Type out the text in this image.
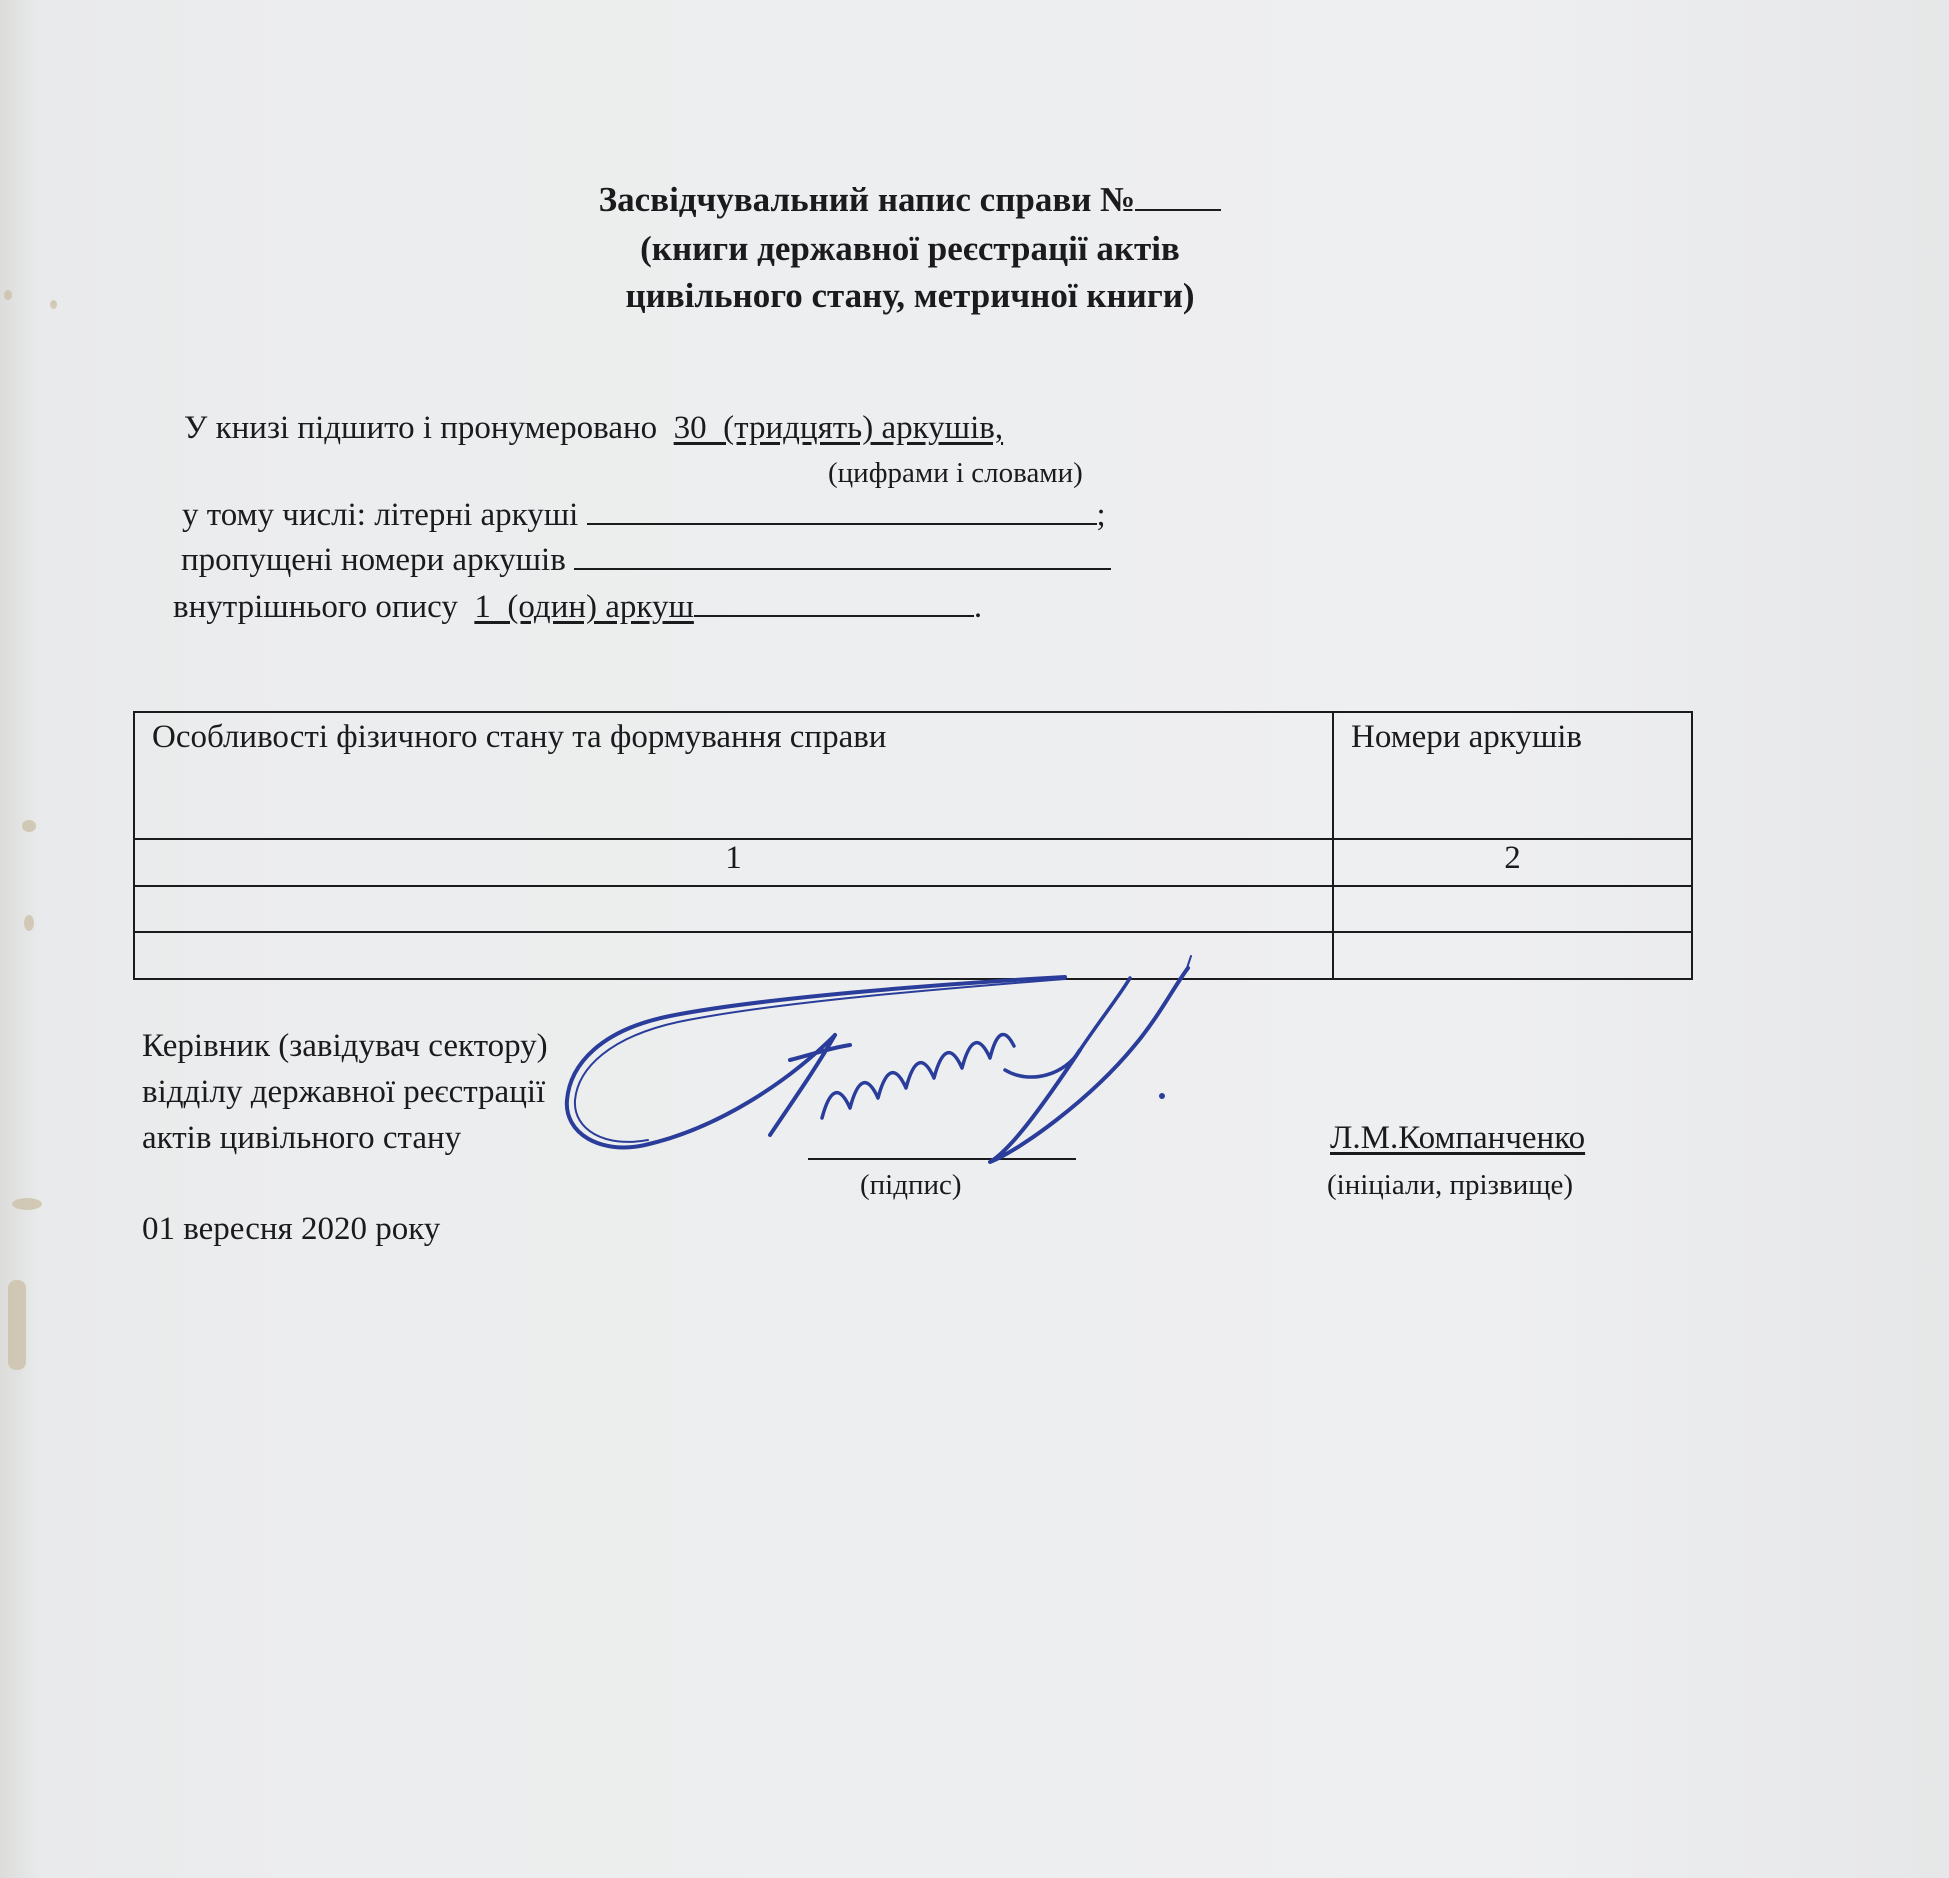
Засвідчувальний напис справи №
(книги державної реєстрації актів
цивільного стану, метричної книги)
У книзі підшито і пронумеровано 30  (тридцять) аркушів,
(цифрами і словами)
у тому числі: літерні аркуші	;
пропущені номери аркушів
внутрішнього опису 1  (один) аркуш	.
Особливості фізичного стану та формування справи	Номери аркушів
1	2

Керівник (завідувач сектору)
відділу державної реєстрації
актів цивільного стану
(підпис)
Л.М.Компанченко
(ініціали, прізвище)
01 вересня 2020 року
